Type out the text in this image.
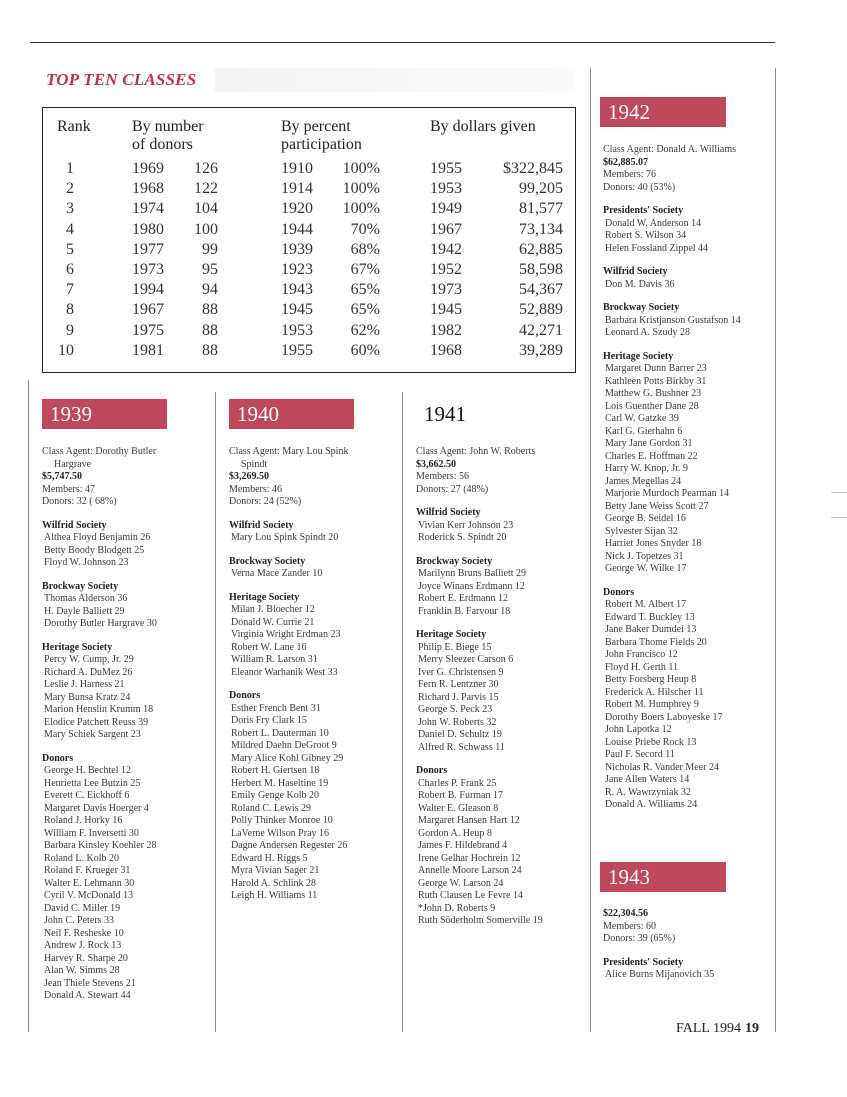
TOP TEN CLASSES
Rank	By number
of donors
By percent
participation
By dollars given
1	1969	126	1910	100%	1955	$322,845
2	1968	122	1914	100%	1953	99,205
3	1974	104	1920	100%	1949	81,577
4	1980	100	1944	70%	1967	73,134
5	1977	99	1939	68%	1942	62,885
6	1973	95	1923	67%	1952	58,598
7	1994	94	1943	65%	1973	54,367
8	1967	88	1945	65%	1945	52,889
9	1975	88	1953	62%	1982	42,271
10	1981	88	1955	60%	1968	39,289
1939	1940	1941
1942
1943
Class Agent: Dorothy Butler
Hargrave
$5,747.50
Members: 47
Donors: 32 ( 68%)
Wilfrid Society
Althea Floyd Benjamin 26
Betty Boody Blodgett 25
Floyd W. Johnson 23
Brockway Society
Thomas Alderson 36
H. Dayle Balliett 29
Dorothy Butler Hargrave 30
Heritage Society
Percy W. Cump, Jr. 29
Richard A. DuMez 26
Leslie J. Harness 21
Mary Bunsa Kratz 24
Marion Henslin Krumm 18
Elodice Patchett Reuss 39
Mary Schiek Sargent 23
Donors
George H. Bechtel 12
Henrietta Lee Butzin 25
Everett C. Eickhoff 6
Margaret Davis Hoerger 4
Roland J. Horky 16
William F. Inversetti 30
Barbara Kinsley Koehler 28
Roland L. Kolb 20
Roland F. Krueger 31
Walter E. Lehmann 30
Cyril V. McDonald 13
David C. Miller 19
John C. Peters 33
Neil F. Resheske 10
Andrew J. Rock 13
Harvey R. Sharpe 20
Alan W. Simms 28
Jean Thiele Stevens 21
Donald A. Stewart 44
Class Agent: Mary Lou Spink
Spindt
$3,269.50
Members: 46
Donors: 24 (52%)
Wilfrid Society
Mary Lou Spink Spindt 20
Brockway Society
Verna Mace Zander 10
Heritage Society
Milan J. Bloecher 12
Donald W. Currie 21
Virginia Wright Erdman 23
Robert W. Lane 16
William R. Larson 31
Eleanor Warhanik West 33
Donors
Esther French Bent 31
Doris Fry Clark 15
Robert L. Dauterman 10
Mildred Daehn DeGroot 9
Mary Alice Kohl Gibney 29
Robert H. Giertsen 18
Herbert M. Haseltine 19
Emily Genge Kolb 20
Roland C. Lewis 29
Polly Thinker Monroe 10
LaVerne Wilson Pray 16
Dagne Andersen Regester 26
Edward H. Riggs 5
Myra Vivian Sager 21
Harold A. Schlink 28
Leigh H. Williams 11
Class Agent: John W. Roberts
$3,662.50
Members: 56
Donors: 27 (48%)
Wilfrid Society
Vivian Kerr Johnson 23
Roderick S. Spindt 20
Brockway Society
Marilynn Bruns Balliett 29
Joyce Winans Erdmann 12
Robert E. Erdmann 12
Franklin B. Farvour 18
Heritage Society
Philip E. Biege 15
Merry Sleezer Carson 6
Iver G. Christensen 9
Fern R. Lentzner 30
Richard J. Parvis 15
George S. Peck 23
John W. Roberts 32
Daniel D. Schultz 19
Alfred R. Schwass 11
Donors
Charles P. Frank 25
Robert B. Furman 17
Walter E. Gleason 8
Margaret Hansen Hart 12
Gordon A. Heup 8
James F. Hildebrand 4
Irene Gelhar Hochrein 12
Annelle Moore Larson 24
George W. Larson 24
Ruth Clausen Le Fevre 14
*John D. Roberts 9
Ruth Söderholm Somerville 19
Class Agent: Donald A. Williams
$62,885.07
Members: 76
Donors: 40 (53%)
Presidents' Society
Donald W. Anderson 14
Robert S. Wilson 34
Helen Fossland Zippel 44
Wilfrid Society
Don M. Davis 36
Brockway Society
Barbara Kristjanson Gustafson 14
Leonard A. Szudy 28
Heritage Society
Margaret Dunn Barrer 23
Kathleen Potts Birkby 31
Matthew G. Bushner 23
Lois Guenther Dane 28
Carl W. Gatzke 39
Karl G. Gierhahn 6
Mary Jane Gordon 31
Charles E. Hoffman 22
Harry W. Knop, Jr. 9
James Megellas 24
Marjorie Murdoch Pearman 14
Betty Jane Weiss Scott 27
George B. Seidel 16
Sylvester Sijan 32
Harriet Jones Snyder 18
Nick J. Topetzes 31
George W. Wilke 17
Donors
Robert M. Albert 17
Edward T. Buckley 13
Jane Baker Dumdei 13
Barbara Thome Fields 20
John Francisco 12
Floyd H. Gerth 11
Betty Forsberg Heup 8
Frederick A. Hilscher 11
Robert M. Humphrey 9
Dorothy Boers Laboyeske 17
John Lapotka 12
Louise Priebe Rock 13
Paul F. Secord 11
Nicholas R. Vander Meer 24
Jane Allen Waters 14
R. A. Wawrzyniak 32
Donald A. Williams 24
$22,304.56
Members: 60
Donors: 39 (65%)
Presidents' Society
Alice Burns Mijanovich 35
FALL 1994 19
